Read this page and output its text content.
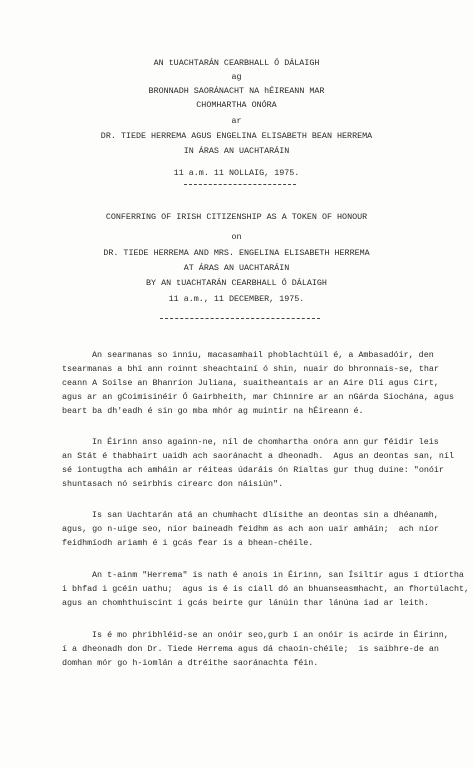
AN tUACHTARÁN CEARBHALL Ó DÁLAIGH
ag
BRONNADH SAORÁNACHT NA hÉIREANN MAR
CHOMHARTHA ONÓRA
ar
DR. TIEDE HERREMA AGUS ENGELINA ELISABETH BEAN HERREMA
IN ÁRAS AN UACHTARÁIN
11 a.m. 11 NOLLAIG, 1975.
CONFERRING OF IRISH CITIZENSHIP AS A TOKEN OF HONOUR
on
DR. TIEDE HERREMA AND MRS. ENGELINA ELISABETH HERREMA
AT ÁRAS AN UACHTARÁIN
BY AN tUACHTARÁN CEARBHALL Ó DÁLAIGH
11 a.m., 11 DECEMBER, 1975.
An searmanas so inniu, macasamhail phoblachtúil é, a Ambasadóir, den
tsearmanas a bhí ann roinnt sheachtainí ó shin, nuair do bhronnais-se, thar
ceann A Soilse an Bhanríon Juliana, suaitheantais ar an Aire Dlí agus Cirt,
agus ar an gCoimisinéir Ó Gairbheith, mar Chinnire ar an nGárda Síochána, agus
beart ba dh'eadh é sin go mba mhór ag muintir na hÉireann é.
In Éirinn anso againn-ne, níl de chomhartha onóra ann gur féidir leis
an Stát é thabhairt uaidh ach saoránacht a dheonadh.  Agus an deontas san, níl
sé iontugtha ach amháin ar réiteas údaráis ón Rialtas gur thug duine: "onóir
shuntasach nó seirbhís cirearc don náisiún".
Is san Uachtarán atá an chumhacht dlísithe an deontas sin a dhéanamh,
agus, go n-uige seo, níor baineadh feidhm as ach aon uair amháin;  ach níor
feidhmíodh ariamh é i gcás fear is a bhean-chéile.
An t-ainm "Herrema" is nath é anois in Éirinn, san Ísiltír agus i dtíortha
i bhfad i gcéin uathu;  agus is é is ciall dó an bhuanseasmhacht, an fhortúlacht,
agus an chomhthuiscint i gcás beirte gur lánúin thar lánúna iad ar leith.
Is é mo phribhléid-se an onóir seo,gurb í an onóir is acirde in Éirinn,
í a dheonadh don Dr. Tiede Herrema agus dá chaoin-chéile;  is saibhre-de an
domhan mór go h-iomlán a dtréithe saoránachta féin.
